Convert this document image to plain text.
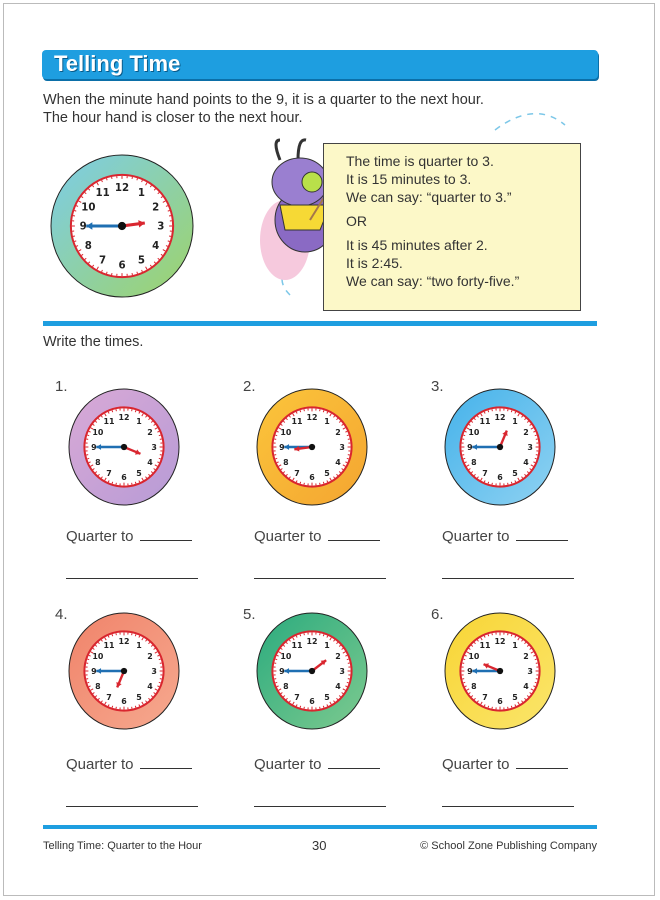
Telling Time
When the minute hand points to the 9, it is a quarter to the next hour.
The hour hand is closer to the next hour.
1
2
3
4
5
6
7
8
9
10
11 12
The time is quarter to 3.
It is 15 minutes to 3.
We can say: “quarter to 3.”
OR
It is 45 minutes after 2.
It is 2:45.
We can say: “two forty-five.”
Write the times.
1.
1
2
3
4
5
6
7
8
9
10
11 12
Quarter to
2.
1
2
3
4
5
6
7
8
9
10
11 12
Quarter to
3.
1
2
3
4
5
6
7
8
9
10
11 12
Quarter to
4.
1
2
3
4
5
6
7
8
9
10
11 12
Quarter to
5.
1
2
3
4
5
6
7
8
9
10
11 12
Quarter to
6.
1
2
3
4
5
6
7
8
9
10
11 12
Quarter to
Telling Time: Quarter to the Hour	30	© School Zone Publishing Company
